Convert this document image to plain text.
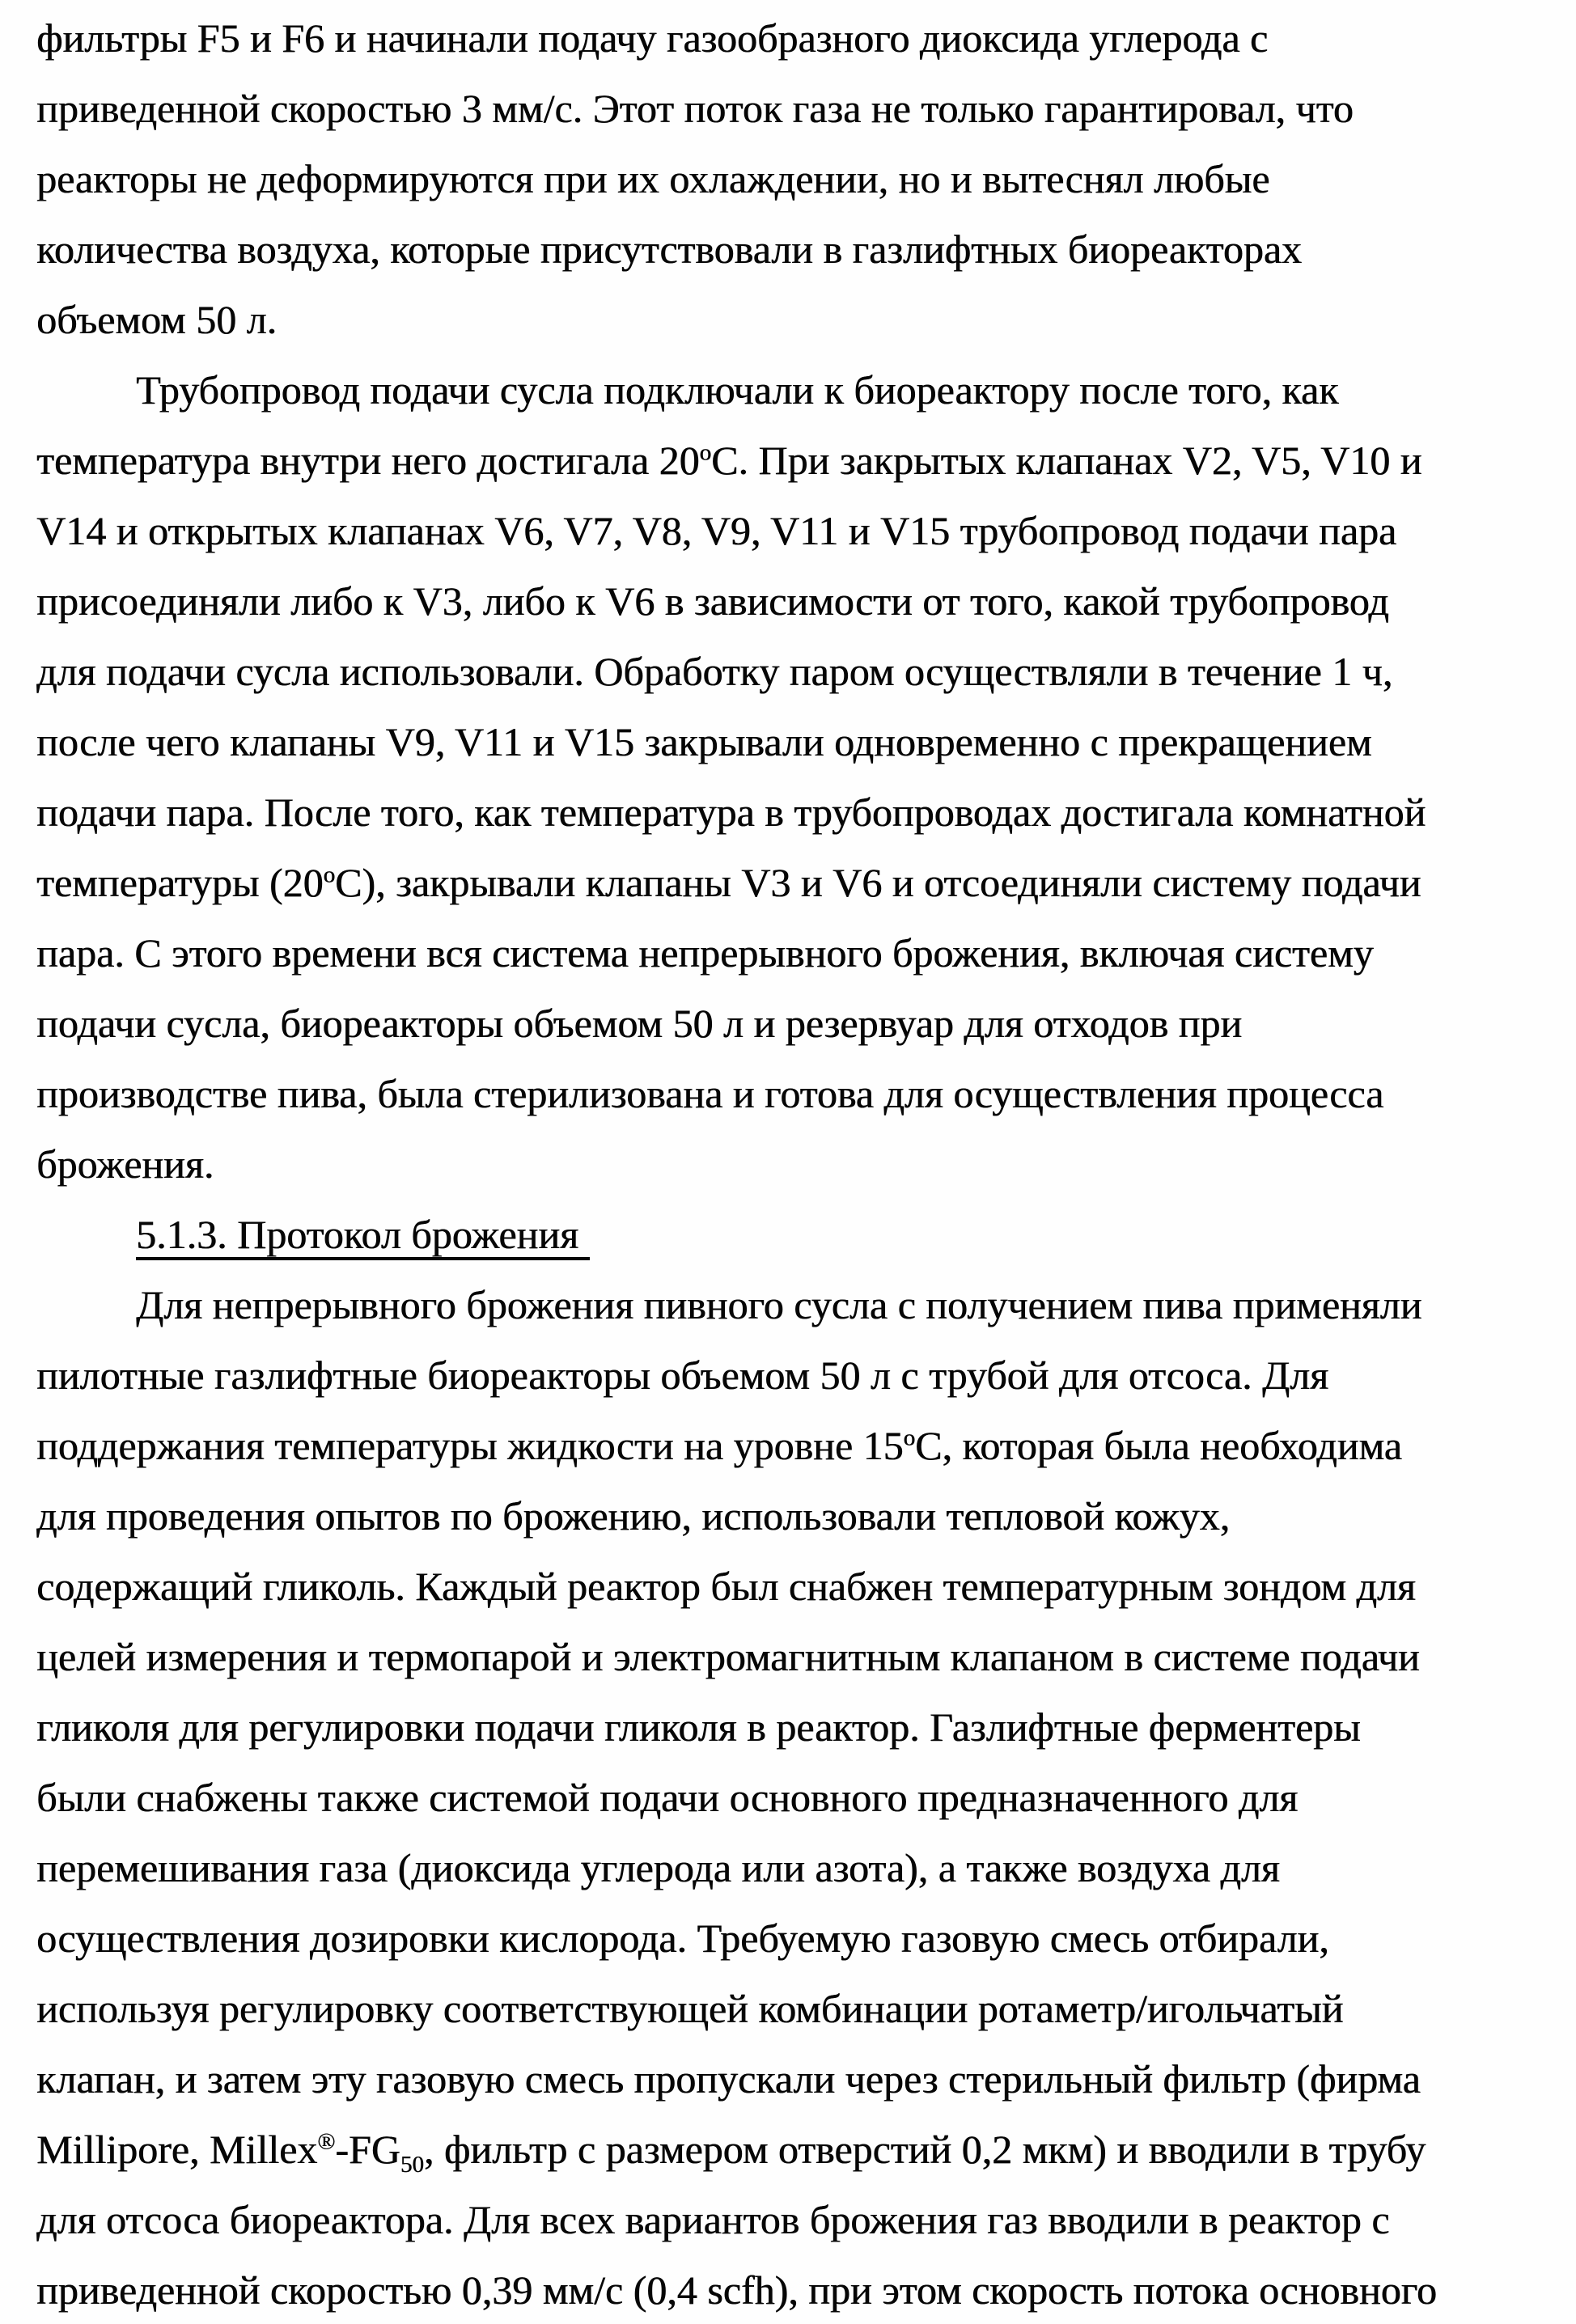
фильтры F5 и F6 и начинали подачу газообразного диоксида углерода с
приведенной скоростью 3 мм/с. Этот поток газа не только гарантировал, что
реакторы не деформируются при их охлаждении, но и вытеснял любые
количества воздуха, которые присутствовали в газлифтных биореакторах
объемом 50 л.
Трубопровод подачи сусла подключали к биореактору после того, как
температура внутри него достигала $20^оС$. При закрытых клапанах V2, V5, V10 и
V14 и открытых клапанах V6, V7, V8, V9, V11 и V15 трубопровод подачи пара
присоединяли либо к V3, либо к V6 в зависимости от того, какой трубопровод
для подачи сусла использовали. Обработку паром осуществляли в течение 1 ч,
после чего клапаны V9, V11 и V15 закрывали одновременно с прекращением
подачи пара. После того, как температура в трубопроводах достигала комнатной
температуры $(20^оС)$, закрывали клапаны V3 и V6 и отсоединяли систему подачи
пара. С этого времени вся система непрерывного брожения, включая систему
подачи сусла, биореакторы объемом 50 л и резервуар для отходов при
производстве пива, была стерилизована и готова для осуществления процесса
брожения.
5.1.3. Протокол брожения
Для непрерывного брожения пивного сусла с получением пива применяли
пилотные газлифтные биореакторы объемом 50 л с трубой для отсоса. Для
поддержания температуры жидкости на уровне $15^оС$, которая была необходима
для проведения опытов по брожению, использовали тепловой кожух,
содержащий гликоль. Каждый реактор был снабжен температурным зондом для
целей измерения и термопарой и электромагнитным клапаном в системе подачи
гликоля для регулировки подачи гликоля в реактор. Газлифтные ферментеры
были снабжены также системой подачи основного предназначенного для
перемешивания газа (диоксида углерода или азота), а также воздуха для
осуществления дозировки кислорода. Требуемую газовую смесь отбирали,
используя регулировку соответствующей комбинации ротаметр/игольчатый
клапан, и затем эту газовую смесь пропускали через стерильный фильтр (фирма
Millipore, $Millex®-FG_{50}$, фильтр с размером отверстий 0,2 мкм) и вводили в трубу
для отсоса биореактора. Для всех вариантов брожения газ вводили в реактор с
приведенной скоростью 0,39 мм/с (0,4 scfh), при этом скорость потока основного
